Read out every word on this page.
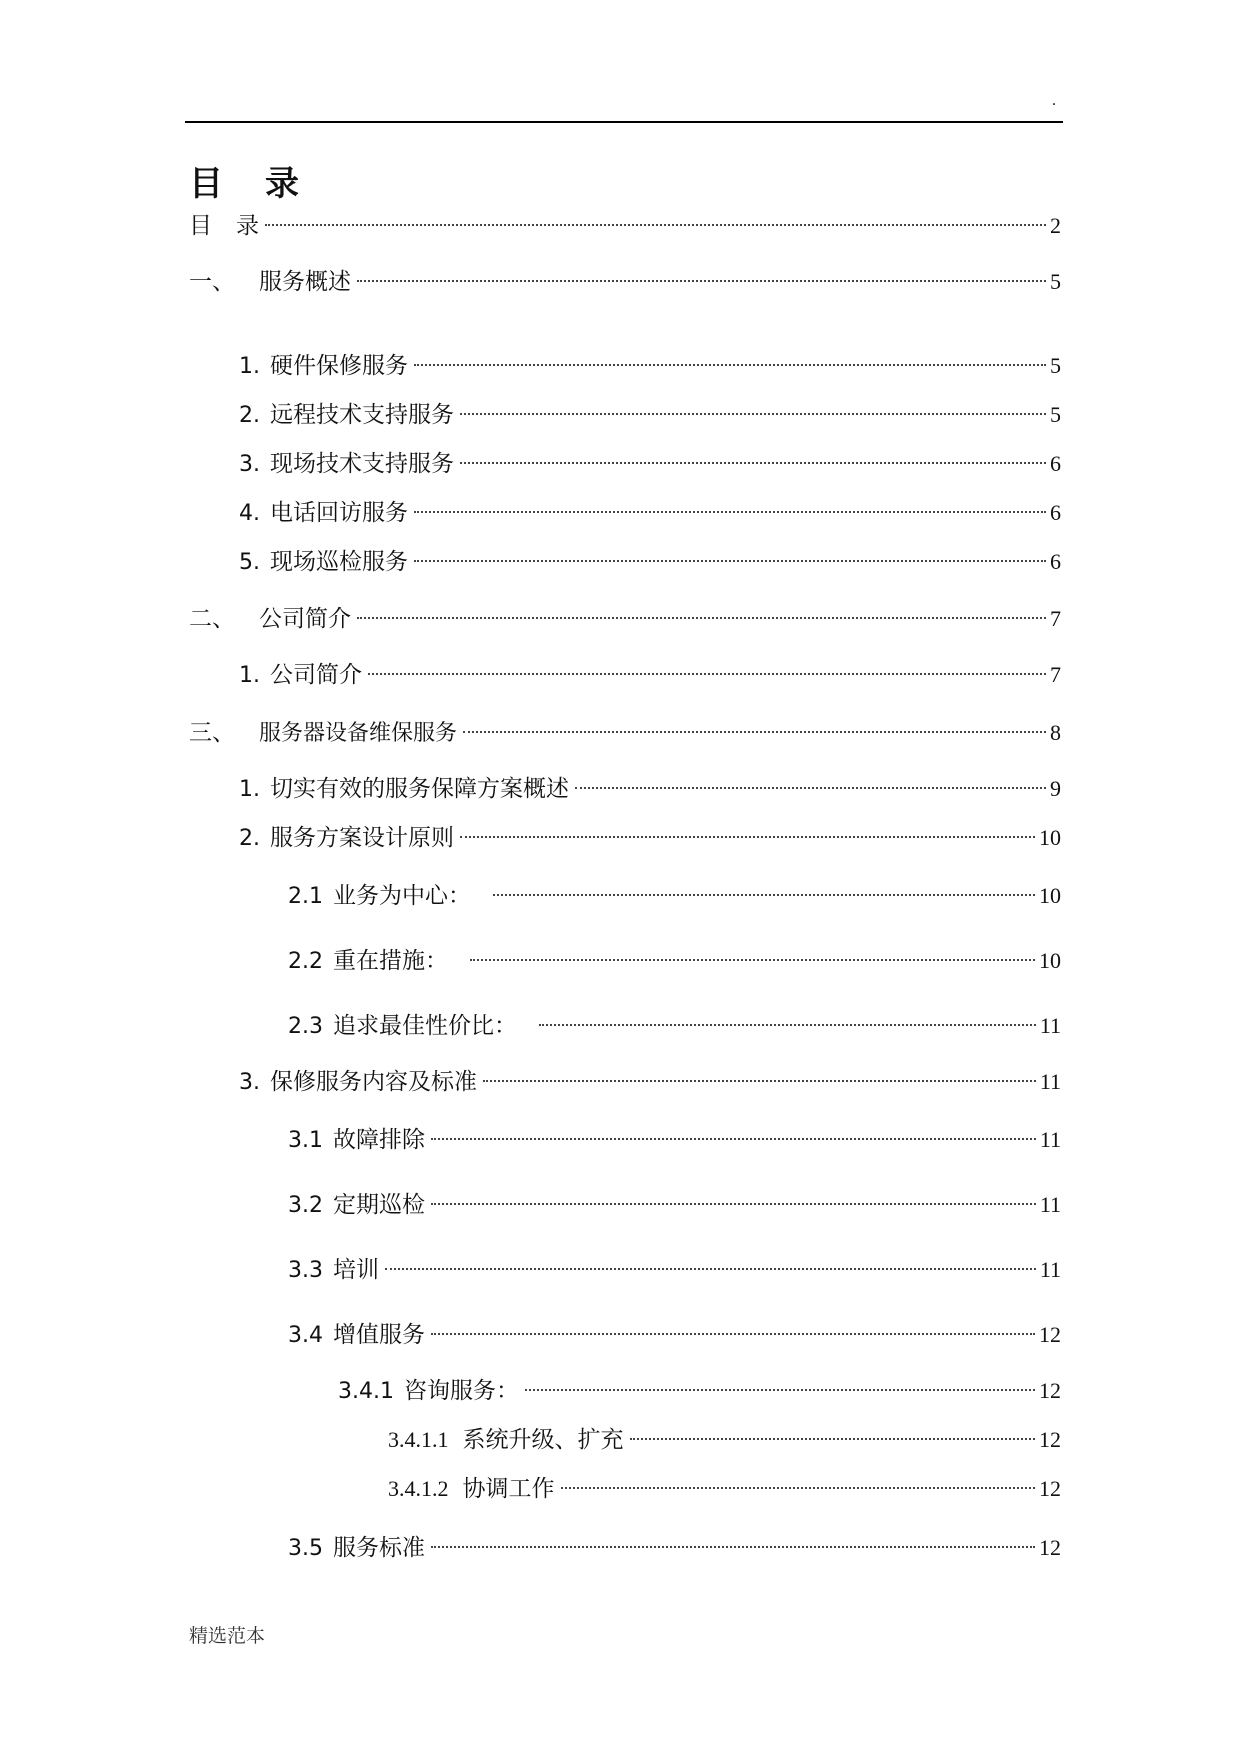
.
目　录
目 录	2
一、 服务概述	5
1. 硬件保修服务	5
2. 远程技术支持服务	5
3. 现场技术支持服务	6
4. 电话回访服务	6
5. 现场巡检服务	6
二、 公司简介	7
1. 公司简介	7
三、 服务器设备维保服务	8
1. 切实有效的服务保障方案概述	9
2. 服务方案设计原则	10
2.1 业务为中心：	10
2.2 重在措施：	10
2.3 追求最佳性价比：	11
3. 保修服务内容及标准	11
3.1 故障排除	11
3.2 定期巡检	11
3.3 培训	11
3.4 增值服务	12
3.4.1 咨询服务：	12
3.4.1.1 系统升级、扩充	12
3.4.1.2 协调工作	12
3.5 服务标准	12
精选范本
